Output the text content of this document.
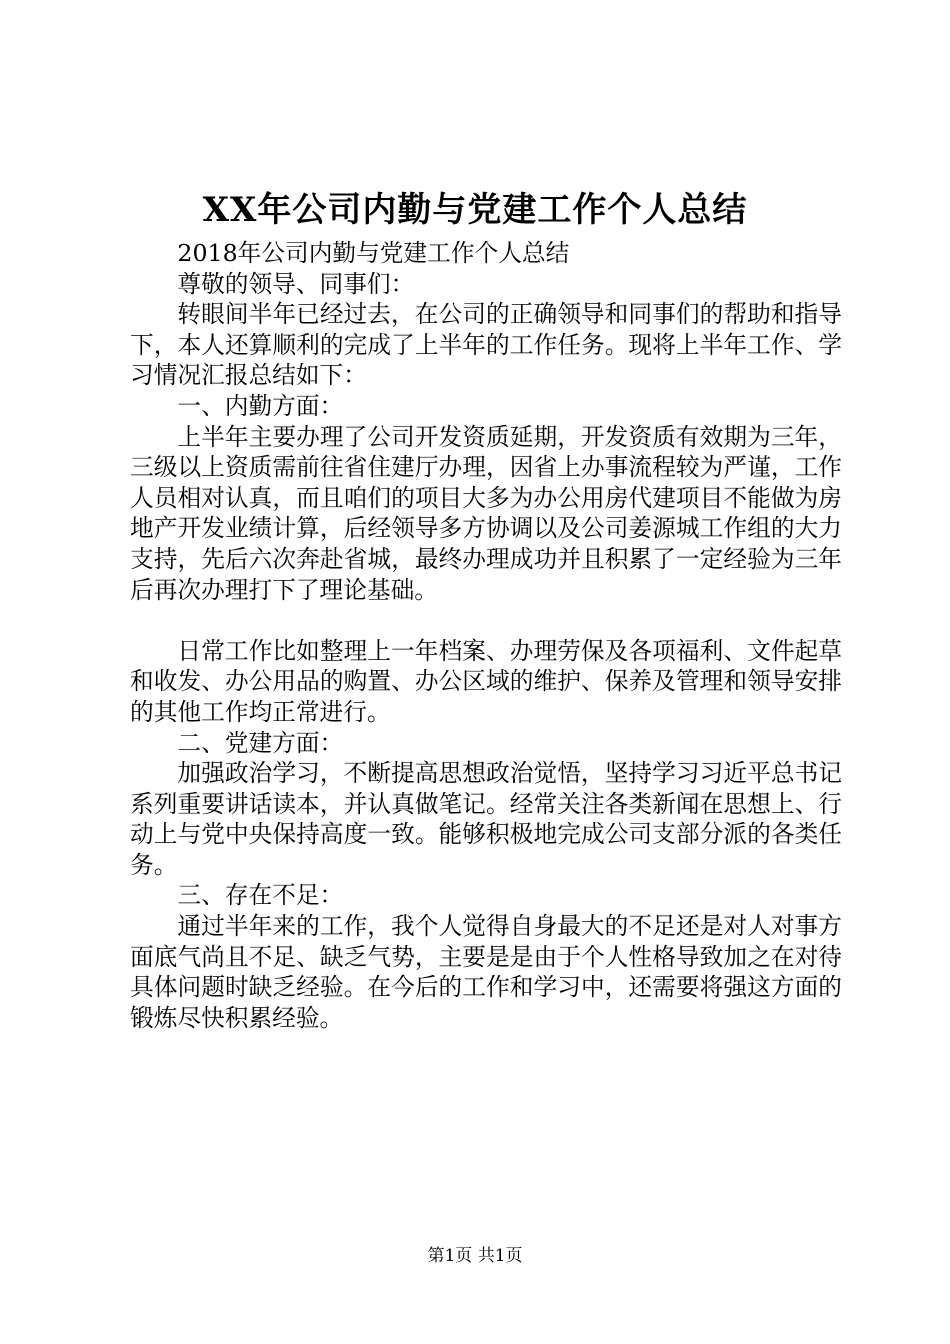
XX年公司内勤与党建工作个人总结

2018年公司内勤与党建工作个人总结

尊敬的领导、同事们：

转眼间半年已经过去，在公司的正确领导和同事们的帮助和指导下，本人还算顺利的完成了上半年的工作任务。现将上半年工作、学习情况汇报总结如下：

一、内勤方面：

上半年主要办理了公司开发资质延期，开发资质有效期为三年，三级以上资质需前往省住建厅办理，因省上办事流程较为严谨，工作人员相对认真，而且咱们的项目大多为办公用房代建项目不能做为房地产开发业绩计算，后经领导多方协调以及公司姜源城工作组的大力支持，先后六次奔赴省城，最终办理成功并且积累了一定经验为三年后再次办理打下了理论基础。

日常工作比如整理上一年档案、办理劳保及各项福利、文件起草和收发、办公用品的购置、办公区域的维护、保养及管理和领导安排的其他工作均正常进行。

二、党建方面：

加强政治学习，不断提高思想政治觉悟，坚持学习习近平总书记系列重要讲话读本，并认真做笔记。经常关注各类新闻在思想上、行动上与党中央保持高度一致。能够积极地完成公司支部分派的各类任务。

三、存在不足：

通过半年来的工作，我个人觉得自身最大的不足还是对人对事方面底气尚且不足、缺乏气势，主要是是由于个人性格导致加之在对待具体问题时缺乏经验。在今后的工作和学习中，还需要将强这方面的锻炼尽快积累经验。

第1页 共1页
